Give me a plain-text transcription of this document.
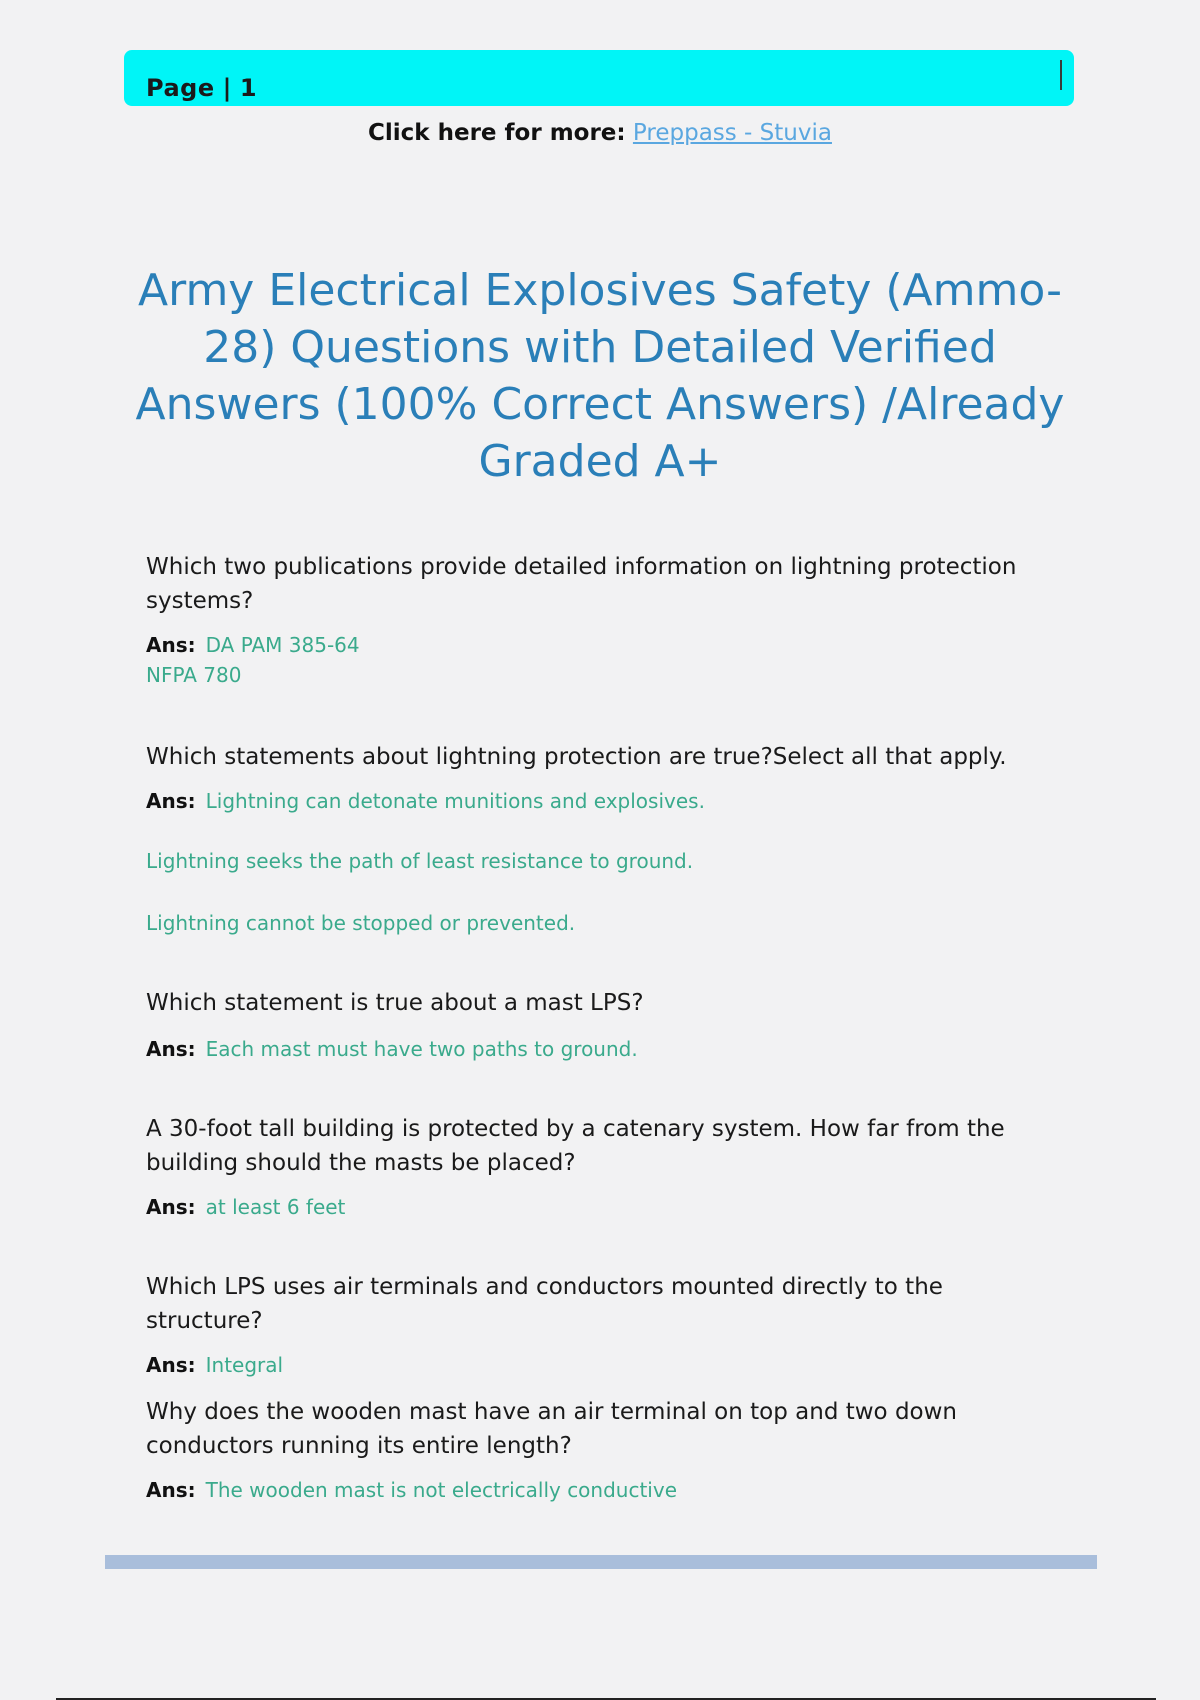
Page | 1
Click here for more: Preppass - Stuvia
Army Electrical Explosives Safety (Ammo-28) Questions with Detailed Verified Answers (100% Correct Answers) /Already Graded A+

Which two publications provide detailed information on lightning protection systems?

Ans: DA PAM 385-64
NFPA 780

Which statements about lightning protection are true?Select all that apply.

Ans: Lightning can detonate munitions and explosives.
Lightning seeks the path of least resistance to ground.
Lightning cannot be stopped or prevented.

Which statement is true about a mast LPS?

Ans: Each mast must have two paths to ground.

A 30-foot tall building is protected by a catenary system. How far from the building should the masts be placed?

Ans: at least 6 feet

Which LPS uses air terminals and conductors mounted directly to the structure?

Ans: Integral

Why does the wooden mast have an air terminal on top and two down conductors running its entire length?

Ans: The wooden mast is not electrically conductive
